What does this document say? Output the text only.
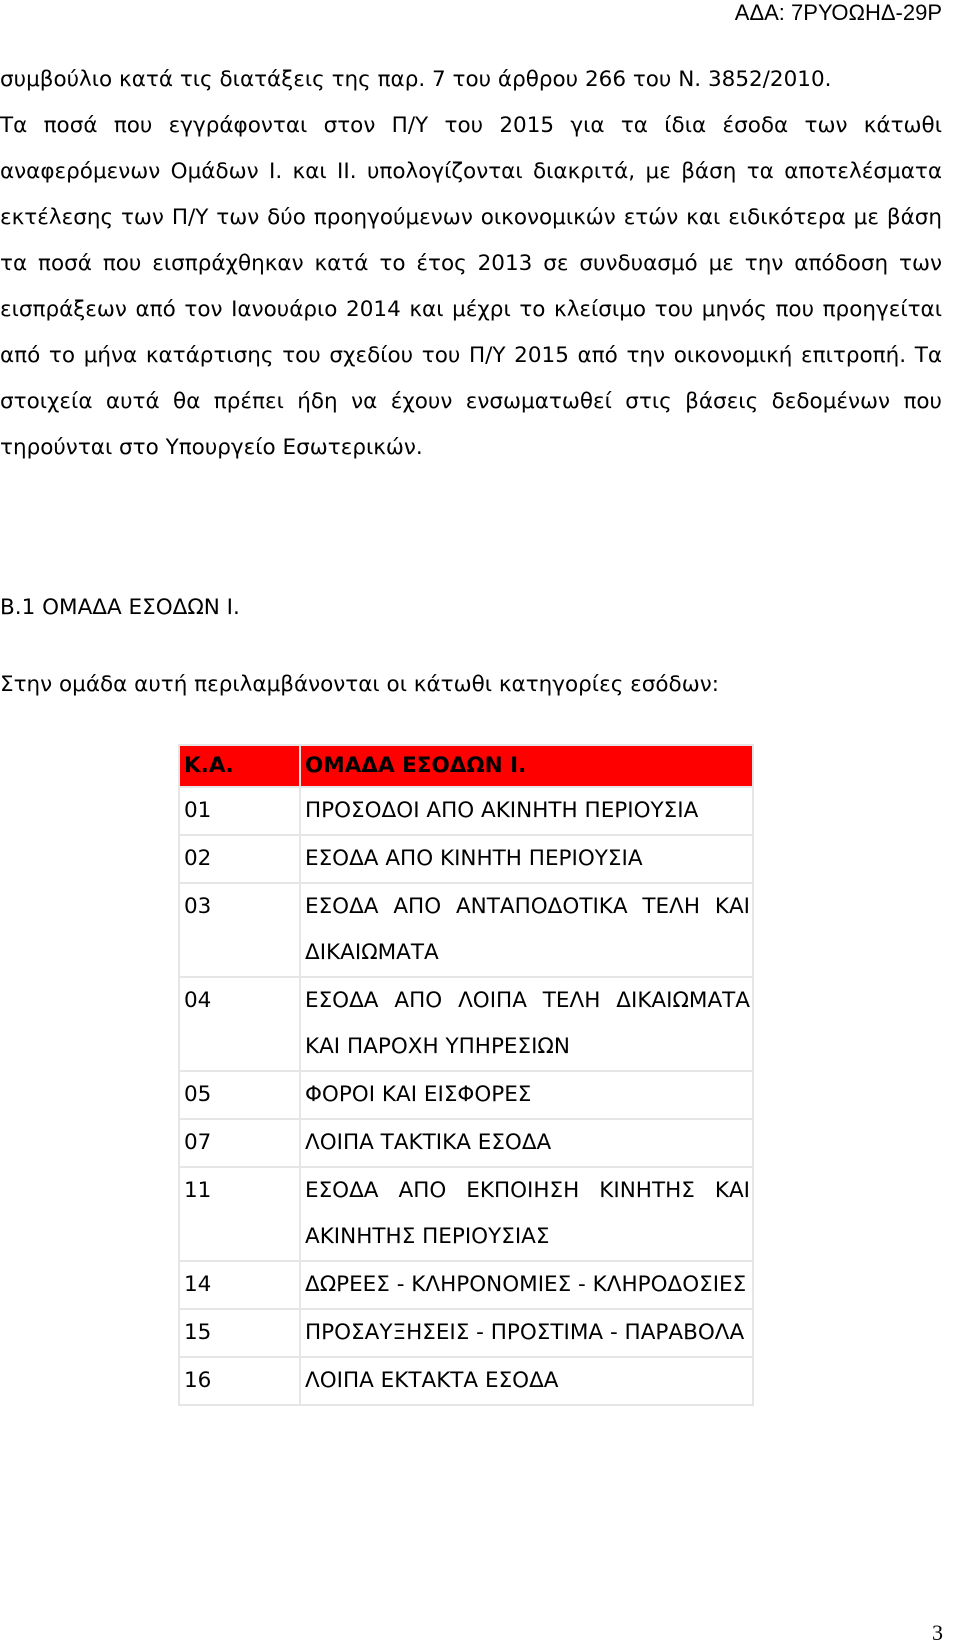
ΑΔΑ: 7ΡΥΟΩΗΔ-29Ρ

συμβούλιο κατά τις διατάξεις της παρ. 7 του άρθρου 266 του Ν. 3852/2010.

Τα ποσά που εγγράφονται στον Π/Υ του 2015 για τα ίδια έσοδα των κάτωθι αναφερόμενων Ομάδων Ι. και ΙΙ. υπολογίζονται διακριτά, με βάση τα αποτελέσματα εκτέλεσης των Π/Υ των δύο προηγούμενων οικονομικών ετών και ειδικότερα με βάση τα ποσά που εισπράχθηκαν κατά το έτος 2013 σε συνδυασμό με την απόδοση των εισπράξεων από τον Ιανουάριο 2014 και μέχρι το κλείσιμο του μηνός που προηγείται από το μήνα κατάρτισης του σχεδίου του Π/Υ 2015 από την οικονομική επιτροπή. Τα στοιχεία αυτά θα πρέπει ήδη να έχουν ενσωματωθεί στις βάσεις δεδομένων που τηρούνται στο Υπουργείο Εσωτερικών.

Β.1 ΟΜΑΔΑ ΕΣΟΔΩΝ Ι.
Στην ομάδα αυτή περιλαμβάνονται οι κάτωθι κατηγορίες εσόδων:
Κ.Α.	ΟΜΑΔΑ ΕΣΟΔΩΝ Ι.
01	ΠΡΟΣΟΔΟΙ ΑΠΟ ΑΚΙΝΗΤΗ ΠΕΡΙΟΥΣΙΑ
02	ΕΣΟΔΑ ΑΠΟ ΚΙΝΗΤΗ ΠΕΡΙΟΥΣΙΑ
03	ΕΣΟΔΑ ΑΠΟ ΑΝΤΑΠΟΔΟΤΙΚΑ ΤΕΛΗ ΚΑΙ ΔΙΚΑΙΩΜΑΤΑ
04	ΕΣΟΔΑ ΑΠΟ ΛΟΙΠΑ ΤΕΛΗ ΔΙΚΑΙΩΜΑΤΑ ΚΑΙ ΠΑΡΟΧΗ ΥΠΗΡΕΣΙΩΝ
05	ΦΟΡΟΙ ΚΑΙ ΕΙΣΦΟΡΕΣ
07	ΛΟΙΠΑ ΤΑΚΤΙΚΑ ΕΣΟΔΑ
11	ΕΣΟΔΑ ΑΠΟ ΕΚΠΟΙΗΣΗ ΚΙΝΗΤΗΣ ΚΑΙ ΑΚΙΝΗΤΗΣ ΠΕΡΙΟΥΣΙΑΣ
14	ΔΩΡΕΕΣ - ΚΛΗΡΟΝΟΜΙΕΣ - ΚΛΗΡΟΔΟΣΙΕΣ
15	ΠΡΟΣΑΥΞΗΣΕΙΣ - ΠΡΟΣΤΙΜΑ - ΠΑΡΑΒΟΛΑ
16	ΛΟΙΠΑ ΕΚΤΑΚΤΑ ΕΣΟΔΑ
3
